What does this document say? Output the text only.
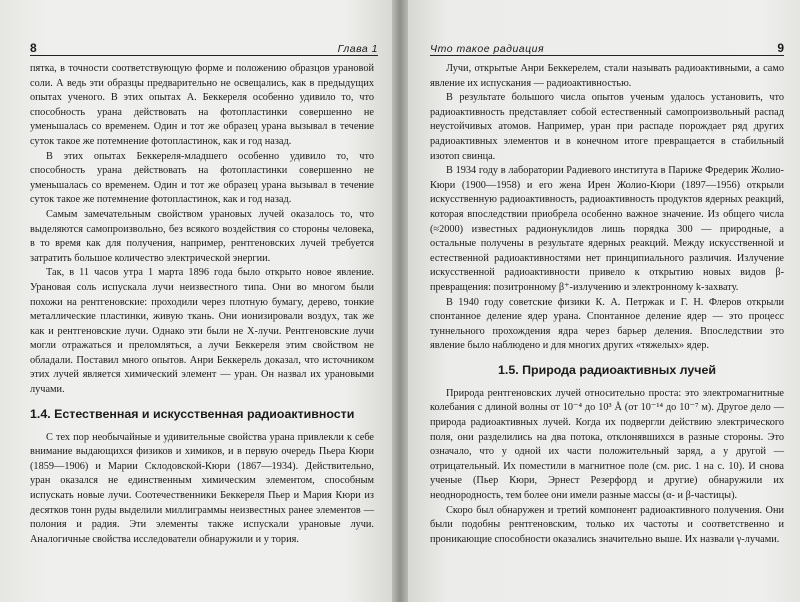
8	Глава 1

пятка, в точности соответствующую форме и положению образцов урановой соли. А ведь эти образцы предварительно не освещались, как в предыдущих опытах ученого. В этих опытах А. Беккереля особенно удивило то, что способность урана действовать на фотопластинки совершенно не уменьшалась со временем. Один и тот же образец урана вызывал в течение суток такое же потемнение фотопластинок, как и год назад.

В этих опытах Беккереля-младшего особенно удивило то, что способность урана действовать на фотопластинки совершенно не уменьшалась со временем. Один и тот же образец урана вызывал в течение суток такое же потемнение фотопластинок, как и год назад.

Самым замечательным свойством урановых лучей оказалось то, что выделяются самопроизвольно, без всякого воздействия со стороны человека, в то время как для получения, например, рентгеновских лучей требуется затратить большое количество электрической энергии.

Так, в 11 часов утра 1 марта 1896 года было открыто новое явление. Урановая соль испускала лучи неизвестного типа. Они во многом были похожи на рентгеновские: проходили через плотную бумагу, дерево, тонкие металлические пластинки, живую ткань. Они ионизировали воздух, так же как и рентгеновские лучи. Однако эти были не X-лучи. Рентгеновские лучи могли отражаться и преломляться, а лучи Беккереля этим свойством не обладали. Поставил много опытов. Анри Беккерель доказал, что источником этих лучей является химический элемент — уран. Он назвал их урановыми лучами.

1.4. Естественная и искусственная радиоактивности

С тех пор необычайные и удивительные свойства урана привлекли к себе внимание выдающихся физиков и химиков, и в первую очередь Пьера Кюри (1859—1906) и Марии Склодовской-Кюри (1867—1934). Действительно, уран оказался не единственным химическим элементом, способным испускать новые лучи. Соотечественники Беккереля Пьер и Мария Кюри из десятков тонн руды выделили миллиграммы неизвестных ранее элементов — полония и радия. Эти элементы также испускали урановые лучи. Аналогичные свойства исследователи обнаружили и у тория.

Что такое радиация	9

Лучи, открытые Анри Беккерелем, стали называть радиоактивными, а само явление их испускания — радиоактивностью.

В результате большого числа опытов ученым удалось установить, что радиоактивность представляет собой естественный самопроизвольный распад неустойчивых атомов. Например, уран при распаде порождает ряд других радиоактивных элементов и в конечном итоге превращается в стабильный изотоп свинца.

В 1934 году в лаборатории Радиевого института в Париже Фредерик Жолио-Кюри (1900—1958) и его жена Ирен Жолио-Кюри (1897—1956) открыли искусственную радиоактивность, радиоактивность продуктов ядерных реакций, которая впоследствии приобрела особенно важное значение. Из общего числа (≈2000) известных радионуклидов лишь порядка 300 — природные, а остальные получены в результате ядерных реакций. Между искусственной и естественной радиоактивностями нет принципиального различия. Излучение искусственной радиоактивности привело к открытию новых видов β-превращения: позитронному β⁺-излучению и электронному k-захвату.

В 1940 году советские физики К. А. Петржак и Г. Н. Флеров открыли спонтанное деление ядер урана. Спонтанное деление ядер — это процесс туннельного прохождения ядра через барьер деления. Впоследствии это явление было наблюдено и для многих других «тяжелых» ядер.

1.5. Природа радиоактивных лучей

Природа рентгеновских лучей относительно проста: это электромагнитные колебания с длиной волны от 10⁻⁴ до 10³ Å (от 10⁻¹⁴ до 10⁻⁷ м). Другое дело — природа радиоактивных лучей. Когда их подвергли действию электрического поля, они разделились на два потока, отклонявшихся в разные стороны. Это означало, что у одной их части положительный заряд, а у другой — отрицательный. Их поместили в магнитное поле (см. рис. 1 на с. 10). И снова ученые (Пьер Кюри, Эрнест Резерфорд и другие) обнаружили их неоднородность, тем более они имели разные массы (α- и β-частицы).

Скоро был обнаружен и третий компонент радиоактивного получения. Они были подобны рентгеновским, только их частоты и соответственно и проникающие способности оказались значительно выше. Их назвали γ-лучами.
